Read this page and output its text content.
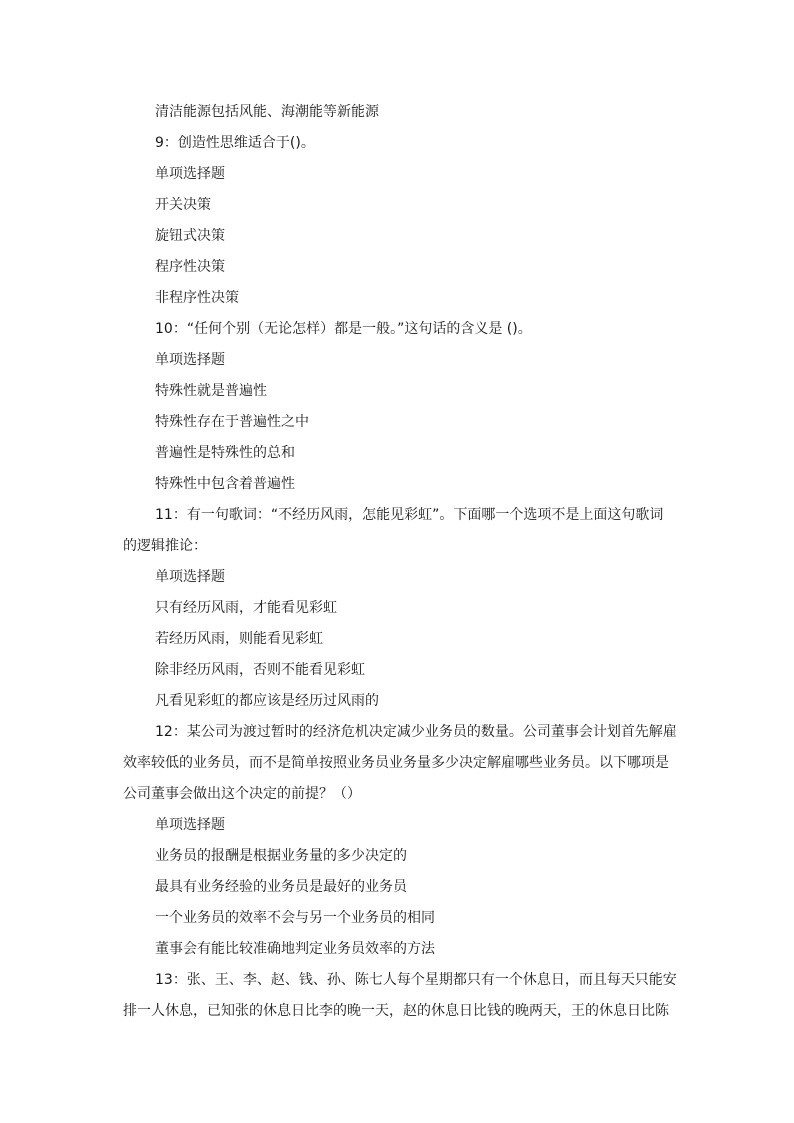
清洁能源包括风能、海潮能等新能源
9：创造性思维适合于()。
单项选择题
开关决策
旋钮式决策
程序性决策
非程序性决策
10：“任何个别（无论怎样）都是一般。”这句话的含义是 ()。
单项选择题
特殊性就是普遍性
特殊性存在于普遍性之中
普遍性是特殊性的总和
特殊性中包含着普遍性
11：有一句歌词：“不经历风雨，怎能见彩虹”。下面哪一个选项不是上面这句歌词
的逻辑推论：
单项选择题
只有经历风雨，才能看见彩虹
若经历风雨，则能看见彩虹
除非经历风雨，否则不能看见彩虹
凡看见彩虹的都应该是经历过风雨的
12：某公司为渡过暂时的经济危机决定减少业务员的数量。公司董事会计划首先解雇
效率较低的业务员，而不是简单按照业务员业务量多少决定解雇哪些业务员。以下哪项是
公司董事会做出这个决定的前提？（）
单项选择题
业务员的报酬是根据业务量的多少决定的
最具有业务经验的业务员是最好的业务员
一个业务员的效率不会与另一个业务员的相同
董事会有能比较准确地判定业务员效率的方法
13：张、王、李、赵、钱、孙、陈七人每个星期都只有一个休息日，而且每天只能安
排一人休息，已知张的休息日比李的晚一天，赵的休息日比钱的晚两天，王的休息日比陈
